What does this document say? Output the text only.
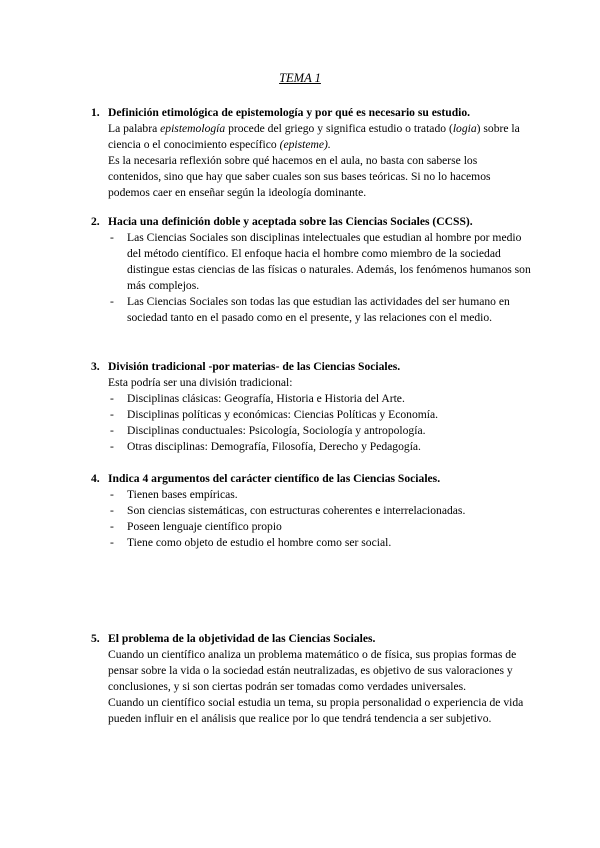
TEMA 1
1. Definición etimológica de epistemología y por qué es necesario su estudio.

La palabra epistemología procede del griego y significa estudio o tratado (logia) sobre la ciencia o el conocimiento específico (episteme).

Es la necesaria reflexión sobre qué hacemos en el aula, no basta con saberse los contenidos, sino que hay que saber cuales son sus bases teóricas. Si no lo hacemos podemos caer en enseñar según la ideología dominante.

2. Hacia una definición doble y aceptada sobre las Ciencias Sociales (CCSS).
- Las Ciencias Sociales son disciplinas intelectuales que estudian al hombre por medio del método científico. El enfoque hacia el hombre como miembro de la sociedad distingue estas ciencias de las físicas o naturales. Además, los fenómenos humanos son más complejos.
- Las Ciencias Sociales son todas las que estudian las actividades del ser humano en sociedad tanto en el pasado como en el presente, y las relaciones con el medio.
3. División tradicional -por materias- de las Ciencias Sociales.
Esta podría ser una división tradicional:
- Disciplinas clásicas: Geografía, Historia e Historia del Arte.
- Disciplinas políticas y económicas: Ciencias Políticas y Economía.
- Disciplinas conductuales: Psicología, Sociología y antropología.
- Otras disciplinas: Demografía, Filosofía, Derecho y Pedagogía.
4. Indica 4 argumentos del carácter científico de las Ciencias Sociales.
- Tienen bases empíricas.
- Son ciencias sistemáticas, con estructuras coherentes e interrelacionadas.
- Poseen lenguaje científico propio
- Tiene como objeto de estudio el hombre como ser social.
5. El problema de la objetividad de las Ciencias Sociales.

Cuando un científico analiza un problema matemático o de física, sus propias formas de pensar sobre la vida o la sociedad están neutralizadas, es objetivo de sus valoraciones y conclusiones, y si son ciertas podrán ser tomadas como verdades universales.

Cuando un científico social estudia un tema, su propia personalidad o experiencia de vida pueden influir en el análisis que realice por lo que tendrá tendencia a ser subjetivo.
